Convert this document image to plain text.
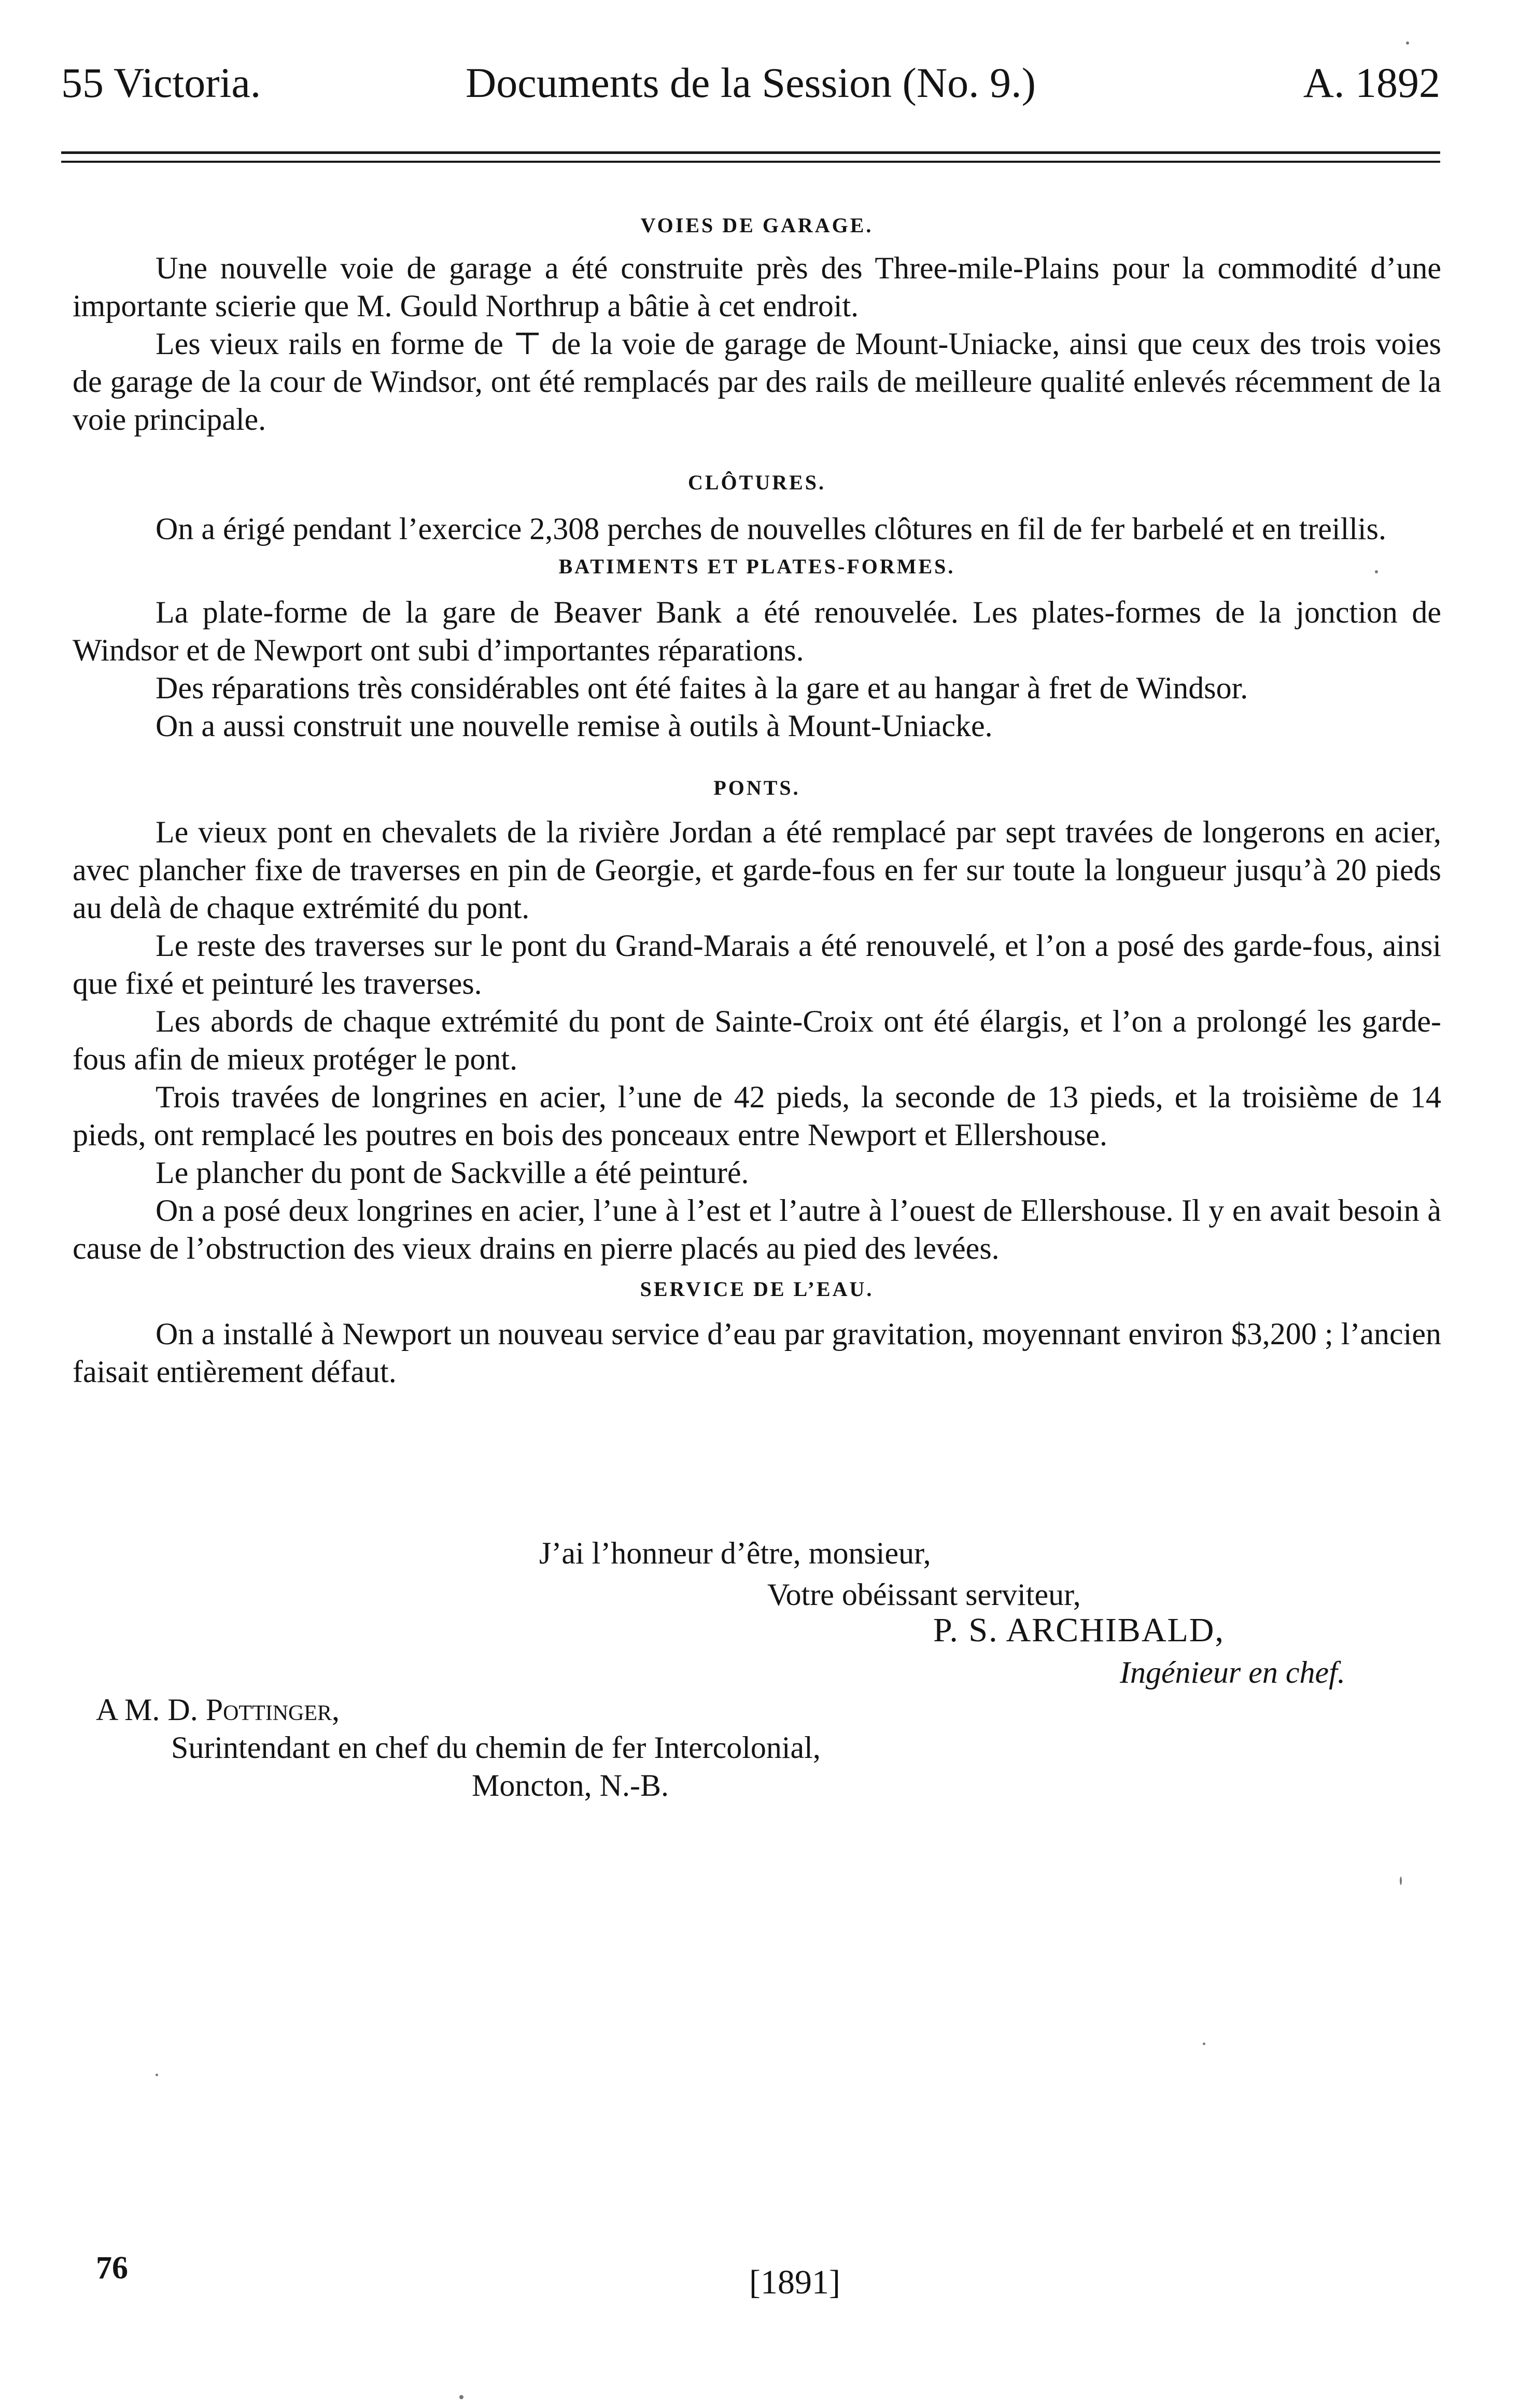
55 Victoria.	Documents de la Session (No. 9.)	A. 1892
VOIES DE GARAGE.

Une nouvelle voie de garage a été construite près des Three-mile-Plains pour la commodité d’une importante scierie que M. Gould Northrup a bâtie à cet endroit.

Les vieux rails en forme de ⊤ de la voie de garage de Mount-Uniacke, ainsi que ceux des trois voies de garage de la cour de Windsor, ont été remplacés par des rails de meilleure qualité enlevés récemment de la voie principale.

CLÔTURES.

On a érigé pendant l’exercice 2,308 perches de nouvelles clôtures en fil de fer barbelé et en treillis.

BATIMENTS ET PLATES-FORMES.

La plate-forme de la gare de Beaver Bank a été renouvelée. Les plates-formes de la jonction de Windsor et de Newport ont subi d’importantes réparations.

Des réparations très considérables ont été faites à la gare et au hangar à fret de Windsor.

On a aussi construit une nouvelle remise à outils à Mount-Uniacke.

PONTS.

Le vieux pont en chevalets de la rivière Jordan a été remplacé par sept travées de longerons en acier, avec plancher fixe de traverses en pin de Georgie, et garde-fous en fer sur toute la longueur jusqu’à 20 pieds au delà de chaque extrémité du pont.

Le reste des traverses sur le pont du Grand-Marais a été renouvelé, et l’on a posé des garde-fous, ainsi que fixé et peinturé les traverses.

Les abords de chaque extrémité du pont de Sainte-Croix ont été élargis, et l’on a prolongé les garde-fous afin de mieux protéger le pont.

Trois travées de longrines en acier, l’une de 42 pieds, la seconde de 13 pieds, et la troisième de 14 pieds, ont remplacé les poutres en bois des ponceaux entre Newport et Ellershouse.

Le plancher du pont de Sackville a été peinturé.

On a posé deux longrines en acier, l’une à l’est et l’autre à l’ouest de Ellershouse. Il y en avait besoin à cause de l’obstruction des vieux drains en pierre placés au pied des levées.

SERVICE DE L’EAU.

On a installé à Newport un nouveau service d’eau par gravitation, moyennant environ $3,200 ; l’ancien faisait entièrement défaut.

J’ai l’honneur d’être, monsieur,
Votre obéissant serviteur,
P. S. ARCHIBALD,
Ingénieur en chef.
A M. D. Pottinger,
Surintendant en chef du chemin de fer Intercolonial,
Moncton, N.-B.
76	[1891]
